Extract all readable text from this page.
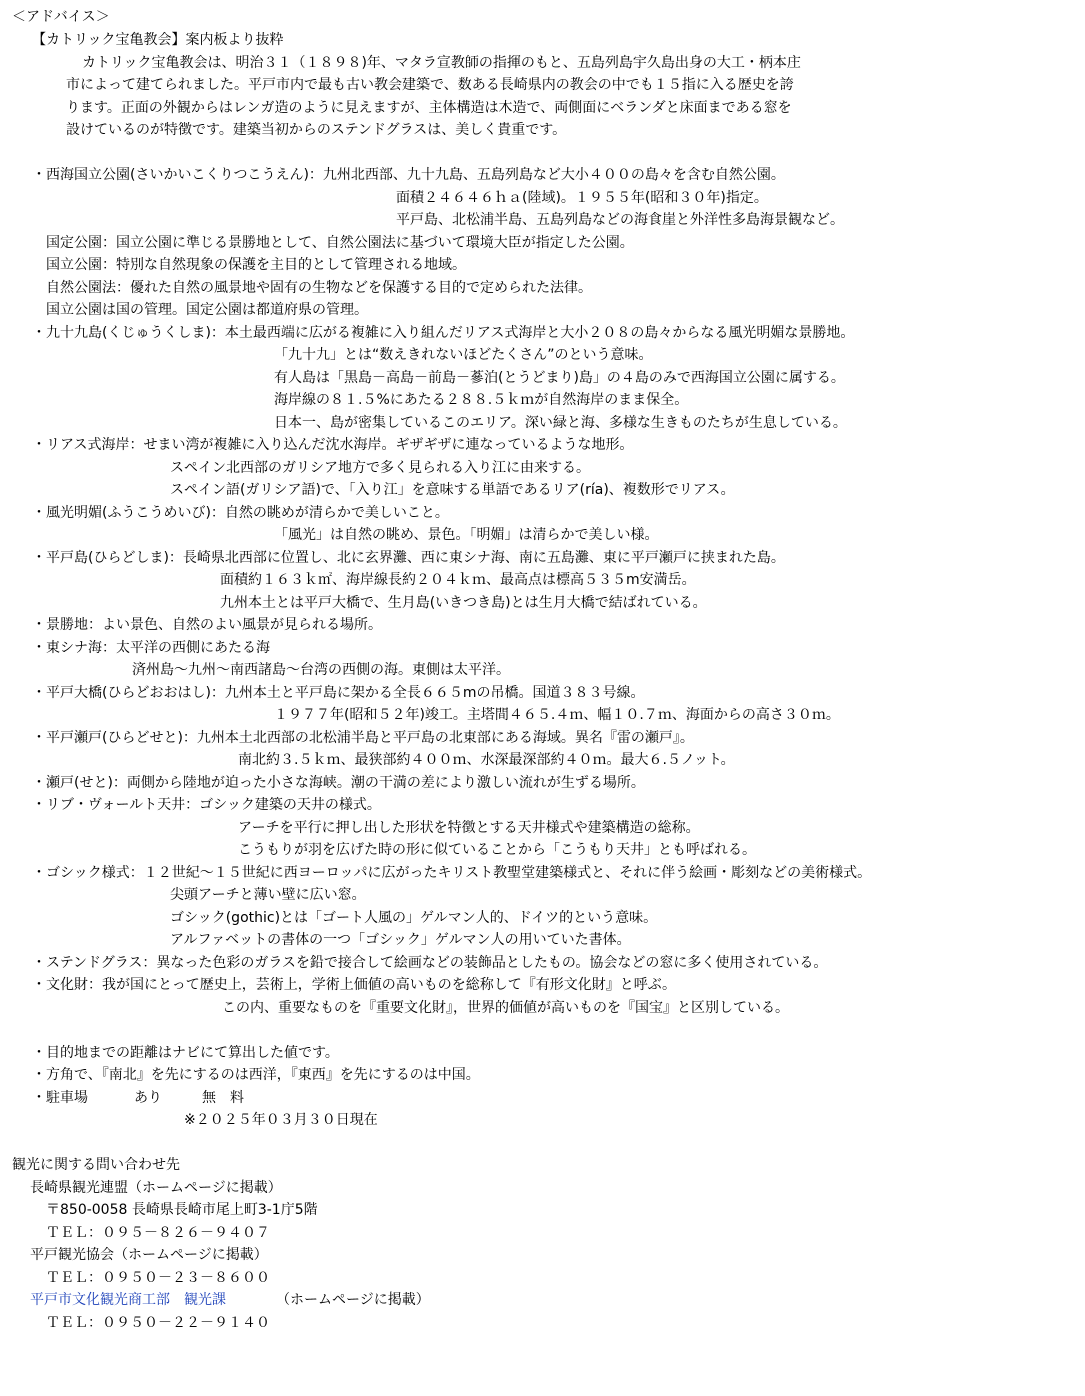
＜アドバイス＞
【カトリック宝亀教会】案内板より抜粋
カトリック宝亀教会は、明治３１（１８９８)年、マタラ宣教師の指揮のもと、五島列島宇久島出身の大工・柄本庄
市によって建てられました。平戸市内で最も古い教会建築で、数ある長崎県内の教会の中でも１５指に入る歴史を誇
ります。正面の外観からはレンガ造のように見えますが、主体構造は木造で、両側面にベランダと床面まである窓を
設けているのが特徴です。建築当初からのステンドグラスは、美しく貴重です。
・西海国立公園(さいかいこくりつこうえん)：九州北西部、九十九島、五島列島など大小４００の島々を含む自然公園。
面積２４６４６ｈａ(陸域)。１９５５年(昭和３０年)指定。
平戸島、北松浦半島、五島列島などの海食崖と外洋性多島海景観など。
国定公園：国立公園に準じる景勝地として、自然公園法に基づいて環境大臣が指定した公園。
国立公園：特別な自然現象の保護を主目的として管理される地域。
自然公園法：優れた自然の風景地や固有の生物などを保護する目的で定められた法律。
国立公園は国の管理。国定公園は都道府県の管理。
・九十九島(くじゅうくしま)：本土最西端に広がる複雑に入り組んだリアス式海岸と大小２０８の島々からなる風光明媚な景勝地。
「九十九」とは“数えきれないほどたくさん”のという意味。
有人島は「黒島－高島－前島－蔘泊(とうどまり)島」の４島のみで西海国立公園に属する。
海岸線の８１.５%にあたる２８８.５ｋｍが自然海岸のまま保全。
日本一、島が密集しているこのエリア。深い緑と海、多様な生きものたちが生息している。
・リアス式海岸：せまい湾が複雑に入り込んだ沈水海岸。ギザギザに連なっているような地形。
スペイン北西部のガリシア地方で多く見られる入り江に由来する。
スペイン語(ガリシア語)で、「入り江」を意味する単語であるリア(ría)、複数形でリアス。
・風光明媚(ふうこうめいび)：自然の眺めが清らかで美しいこと。
「風光」は自然の眺め、景色。「明媚」は清らかで美しい様。
・平戸島(ひらどしま)：長崎県北西部に位置し、北に玄界灘、西に東シナ海、南に五島灘、東に平戸瀬戸に挟まれた島。
面積約１６３ｋ㎡、海岸線長約２０４ｋｍ、最高点は標高５３５m安満岳。
九州本土とは平戸大橋で、生月島(いきつき島)とは生月大橋で結ばれている。
・景勝地：よい景色、自然のよい風景が見られる場所。
・東シナ海：太平洋の西側にあたる海
済州島～九州～南西諸島～台湾の西側の海。東側は太平洋。
・平戸大橋(ひらどおおはし)：九州本土と平戸島に架かる全長６６５mの吊橋。国道３８３号線。
１９７７年(昭和５２年)竣工。主塔間４６５.４ｍ、幅１０.７ｍ、海面からの高さ３０ｍ。
・平戸瀬戸(ひらどせと)：九州本土北西部の北松浦半島と平戸島の北東部にある海域。異名『雷の瀬戸』。
南北約３.５ｋｍ、最狭部約４００ｍ、水深最深部約４０ｍ。最大６.５ノット。
・瀬戸(せと)：両側から陸地が迫った小さな海峡。潮の干満の差により激しい流れが生ずる場所。
・リブ・ヴォールト天井：ゴシック建築の天井の様式。
アーチを平行に押し出した形状を特徴とする天井様式や建築構造の総称。
こうもりが羽を広げた時の形に似ていることから「こうもり天井」とも呼ばれる。
・ゴシック様式：１２世紀～１５世紀に西ヨーロッパに広がったキリスト教聖堂建築様式と、それに伴う絵画・彫刻などの美術様式。
尖頭アーチと薄い壁に広い窓。
ゴシック(gothic)とは「ゴート人風の」ゲルマン人的、ドイツ的という意味。
アルファベットの書体の一つ「ゴシック」ゲルマン人の用いていた書体。
・ステンドグラス：異なった色彩のガラスを鉛で接合して絵画などの装飾品としたもの。協会などの窓に多く使用されている。
・文化財：我が国にとって歴史上，芸術上，学術上価値の高いものを総称して『有形文化財』と呼ぶ。
この内、重要なものを『重要文化財』，世界的価値が高いものを『国宝』と区別している。
・目的地までの距離はナビにて算出した値です。
・方角で、『南北』を先にするのは西洋，『東西』を先にするのは中国。
・駐車場	あり	無　料
※２０２５年０３月３０日現在
観光に関する問い合わせ先
長崎県観光連盟（ホームページに掲載）
〒850-0058 長崎県長崎市尾上町3-1庁5階
ＴＥＬ：０９５－８２６－９４０７
平戸観光協会（ホームページに掲載）
ＴＥＬ：０９５０－２３－８６００
平戸市文化観光商工部　観光課	（ホームページに掲載）
ＴＥＬ：０９５０－２２－９１４０
